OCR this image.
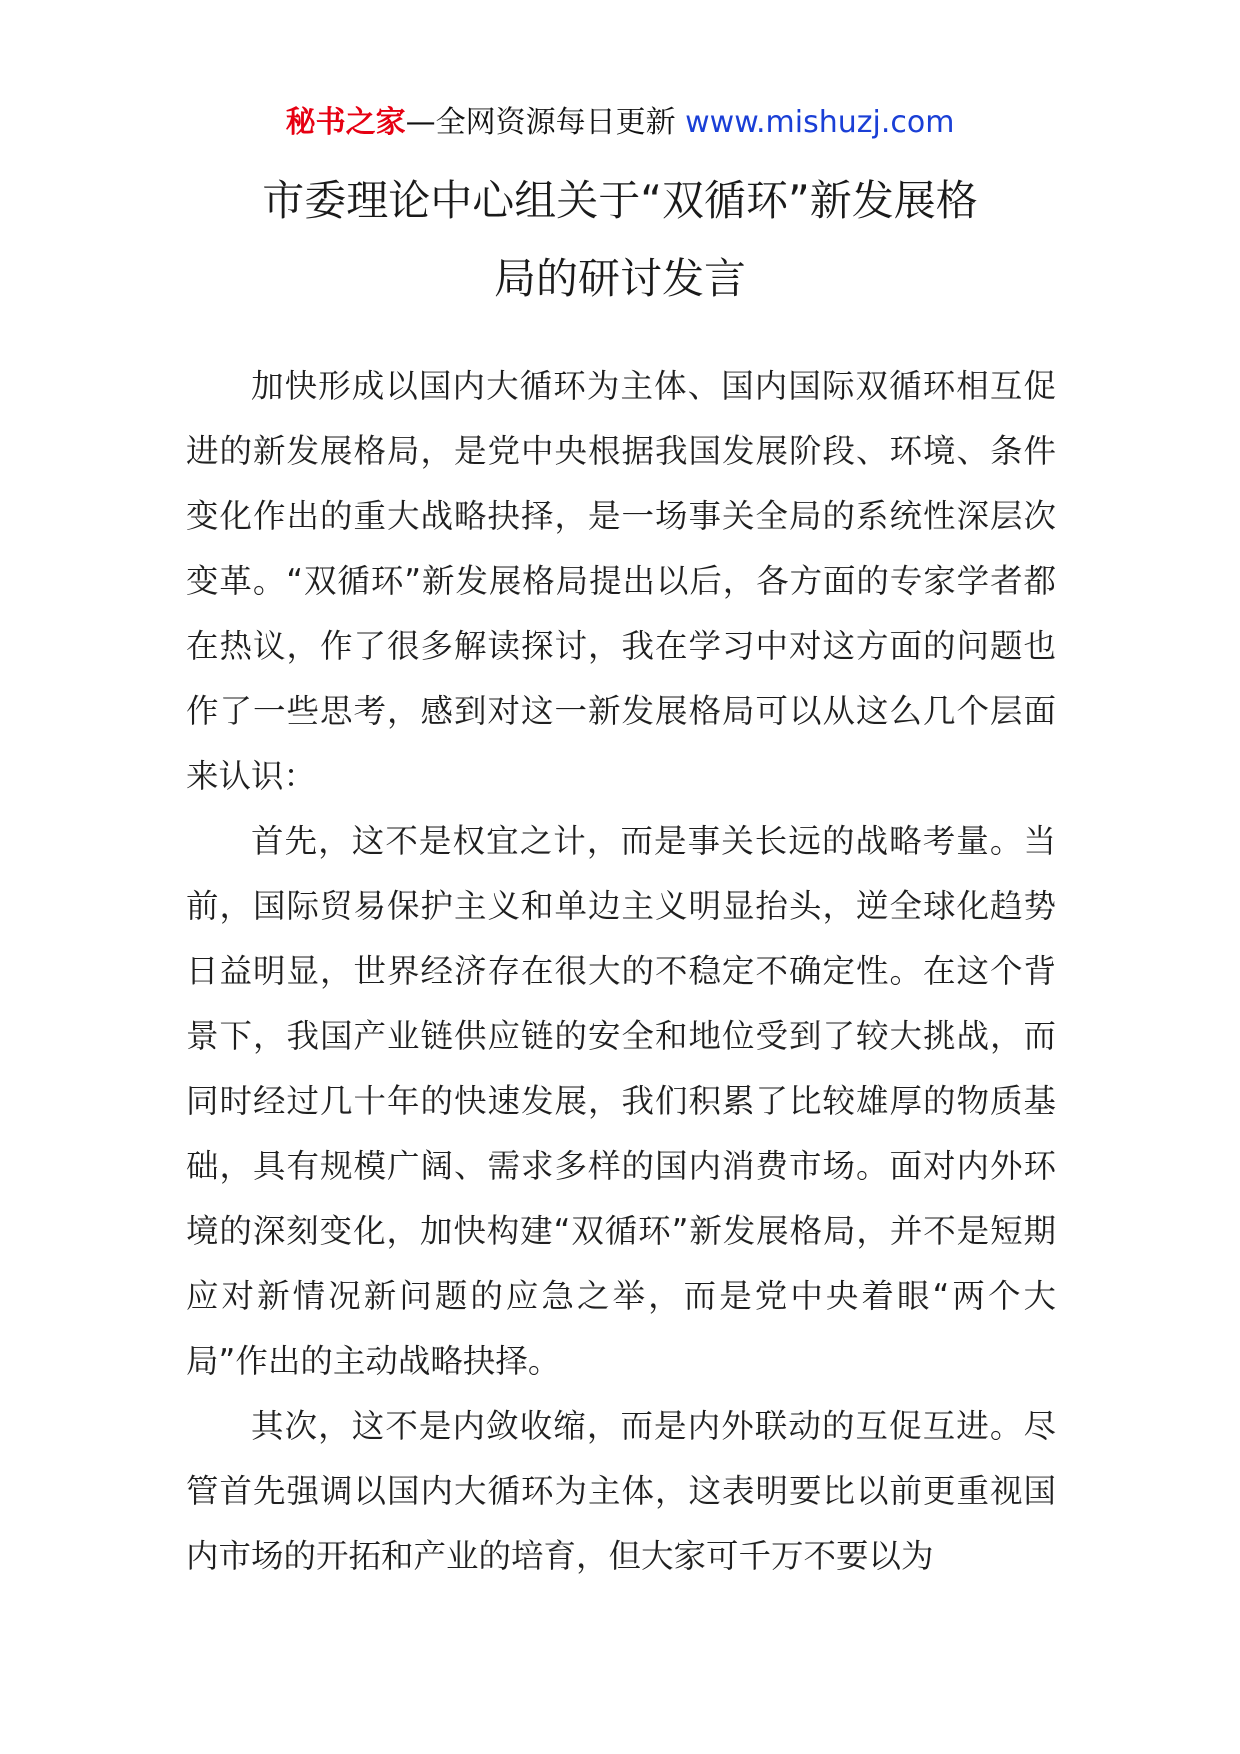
秘书之家—全网资源每日更新 www.mishuzj.com
市委理论中心组关于“双循环”新发展格
局的研讨发言

加快形成以国内大循环为主体、国内国际双循环相互促进的新发展格局，是党中央根据我国发展阶段、环境、条件变化作出的重大战略抉择，是一场事关全局的系统性深层次变革。“双循环”新发展格局提出以后，各方面的专家学者都在热议，作了很多解读探讨，我在学习中对这方面的问题也作了一些思考，感到对这一新发展格局可以从这么几个层面来认识：

首先，这不是权宜之计，而是事关长远的战略考量。当前，国际贸易保护主义和单边主义明显抬头，逆全球化趋势日益明显，世界经济存在很大的不稳定不确定性。在这个背景下，我国产业链供应链的安全和地位受到了较大挑战，而同时经过几十年的快速发展，我们积累了比较雄厚的物质基础，具有规模广阔、需求多样的国内消费市场。面对内外环境的深刻变化，加快构建“双循环”新发展格局，并不是短期应对新情况新问题的应急之举，而是党中央着眼“两个大局”作出的主动战略抉择。

其次，这不是内敛收缩，而是内外联动的互促互进。尽管首先强调以国内大循环为主体，这表明要比以前更重视国内市场的开拓和产业的培育，但大家可千万不要以为
